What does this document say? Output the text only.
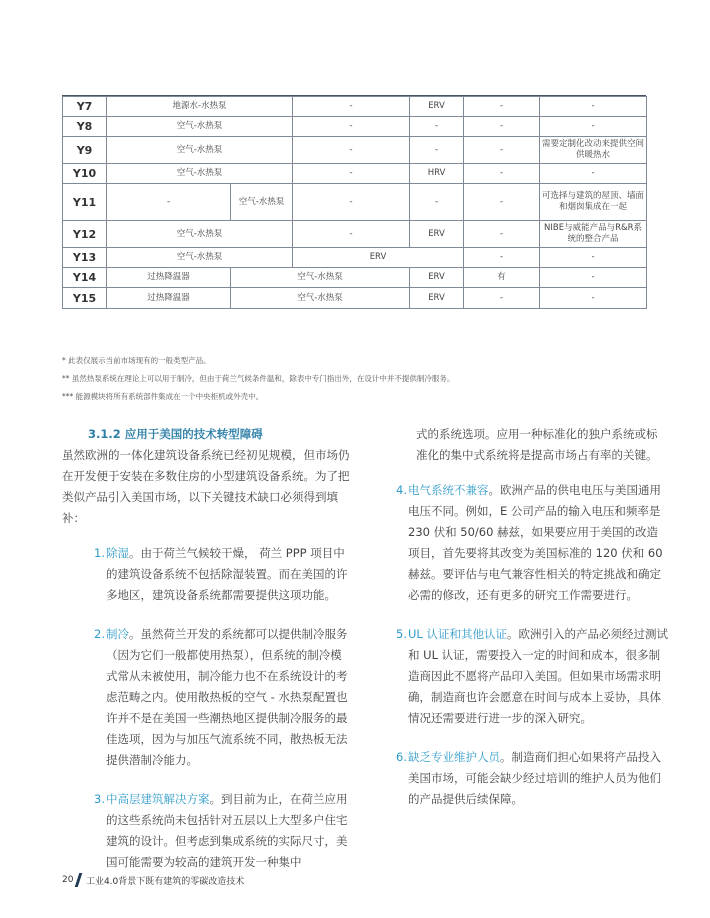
Y7	地源水-水热泵		-	ERV	-	-
Y8	空气-水热泵		-	-	-	-
Y9	空气-水热泵		-	-	-	需要定制化改动来提供空间供暖热水
Y10	空气-水热泵		-	HRV	-	-
Y11	-	空气-水热泵	-	-	-	可选择与建筑的屋顶、墙面和烟囱集成在一起
Y12	空气-水热泵		-	ERV	-	NIBE与威能产品与R&R系统的整合产品
Y13	空气-水热泵		ERV		-	-
Y14	过热降温器	空气-水热泵		ERV	有	-
Y15	过热降温器	空气-水热泵		ERV	-	-
* 此表仅展示当前市场现有的一般类型产品。
** 虽然热泵系统在理论上可以用于制冷，但由于荷兰气候条件温和，除表中专门指出外，在设计中并不提供制冷服务。
*** 能源模块将所有系统部件集成在一个中央柜机或外壳中。
3.1.2 应用于美国的技术转型障碍
虽然欧洲的一体化建筑设备系统已经初见规模，但市场仍在开发便于安装在多数住房的小型建筑设备系统。为了把类似产品引入美国市场，以下关键技术缺口必须得到填补：
1. 除湿。由于荷兰气候较干燥， 荷兰 PPP 项目中的建筑设备系统不包括除湿装置。而在美国的许多地区，建筑设备系统都需要提供这项功能。
2. 制冷。虽然荷兰开发的系统都可以提供制冷服务（因为它们一般都使用热泵），但系统的制冷模式常从未被使用，制冷能力也不在系统设计的考虑范畴之内。使用散热板的空气 - 水热泵配置也许并不是在美国一些潮热地区提供制冷服务的最佳选项，因为与加压气流系统不同，散热板无法提供潜制冷能力。
3. 中高层建筑解决方案。到目前为止，在荷兰应用的这些系统尚未包括针对五层以上大型多户住宅建筑的设计。但考虑到集成系统的实际尺寸，美国可能需要为较高的建筑开发一种集中
式的系统选项。应用一种标准化的独户系统或标准化的集中式系统将是提高市场占有率的关键。
4. 电气系统不兼容。欧洲产品的供电电压与美国通用电压不同。例如，E 公司产品的输入电压和频率是 230 伏和 50/60 赫兹，如果要应用于美国的改造项目，首先要将其改变为美国标准的 120 伏和 60 赫兹。要评估与电气兼容性相关的特定挑战和确定必需的修改，还有更多的研究工作需要进行。
5. UL 认证和其他认证。欧洲引入的产品必须经过测试和 UL 认证，需要投入一定的时间和成本，很多制造商因此不愿将产品印入美国。但如果市场需求明确，制造商也许会愿意在时间与成本上妥协，具体情况还需要进行进一步的深入研究。
6. 缺乏专业维护人员。制造商们担心如果将产品投入美国市场，可能会缺少经过培训的维护人员为他们的产品提供后续保障。
20 工业4.0背景下既有建筑的零碳改造技术
